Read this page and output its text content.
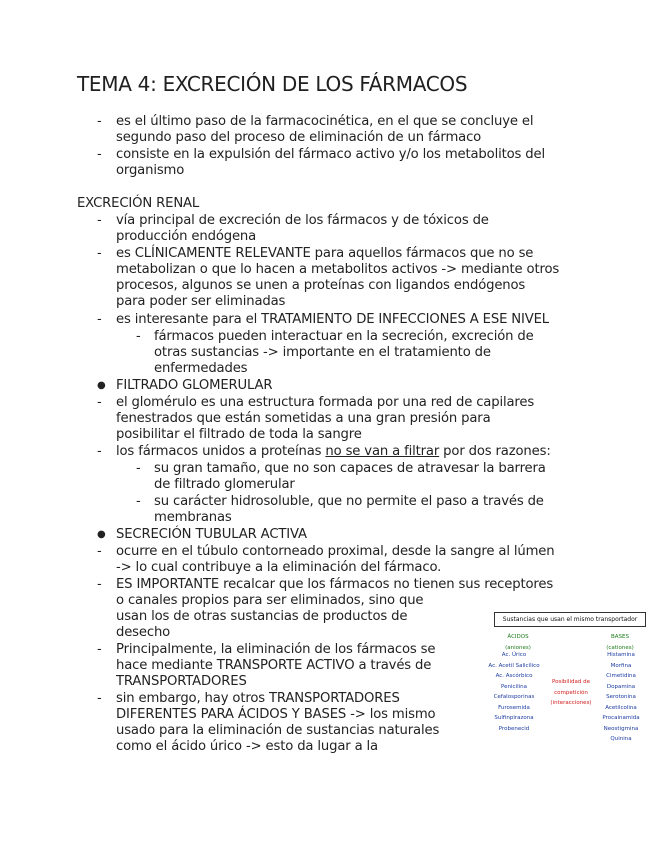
TEMA 4: EXCRECIÓN DE LOS FÁRMACOS
- es el último paso de la farmacocinética, en el que se concluye el
segundo paso del proceso de eliminación de un fármaco
- consiste en la expulsión del fármaco activo y/o los metabolitos del
organismo
EXCRECIÓN RENAL
- vía principal de excreción de los fármacos y de tóxicos de
producción endógena
- es CLÍNICAMENTE RELEVANTE para aquellos fármacos que no se
metabolizan o que lo hacen a metabolitos activos -> mediante otros
procesos, algunos se unen a proteínas con ligandos endógenos
para poder ser eliminadas
- es interesante para el TRATAMIENTO DE INFECCIONES A ESE NIVEL
- fármacos pueden interactuar en la secreción, excreción de
otras sustancias -> importante en el tratamiento de
enfermedades
● FILTRADO GLOMERULAR
- el glomérulo es una estructura formada por una red de capilares
fenestrados que están sometidas a una gran presión para
posibilitar el filtrado de toda la sangre
- los fármacos unidos a proteínas no se van a filtrar por dos razones:
- su gran tamaño, que no son capaces de atravesar la barrera
de filtrado glomerular
- su carácter hidrosoluble, que no permite el paso a través de
membranas
● SECRECIÓN TUBULAR ACTIVA
- ocurre en el túbulo contorneado proximal, desde la sangre al lúmen
-> lo cual contribuye a la eliminación del fármaco.
- ES IMPORTANTE recalcar que los fármacos no tienen sus receptores
o canales propios para ser eliminados, sino que
usan los de otras sustancias de productos de
desecho
- Principalmente, la eliminación de los fármacos se
hace mediante TRANSPORTE ACTIVO a través de
TRANSPORTADORES
- sin embargo, hay otros TRANSPORTADORES
DIFERENTES PARA ÁCIDOS Y BASES -> los mismo
usado para la eliminación de sustancias naturales
como el ácido úrico -> esto da lugar a la
Sustancias que usan el mismo transportador
ÁCIDOS
(aniones)
Ac. Úrico
Ac. Acetil Salicílico
Ac. Ascórbico
Penicilina
Cefalosporinas
Furosemida
Sulfinpirazona
Probenecid
Posibilidad de
competición
(interacciones)
BASES
(cationes)
Histamina
Morfina
Cimetidina
Dopamina
Serotonina
Acetilcolina
Procainamida
Neostigmina
Quinina
